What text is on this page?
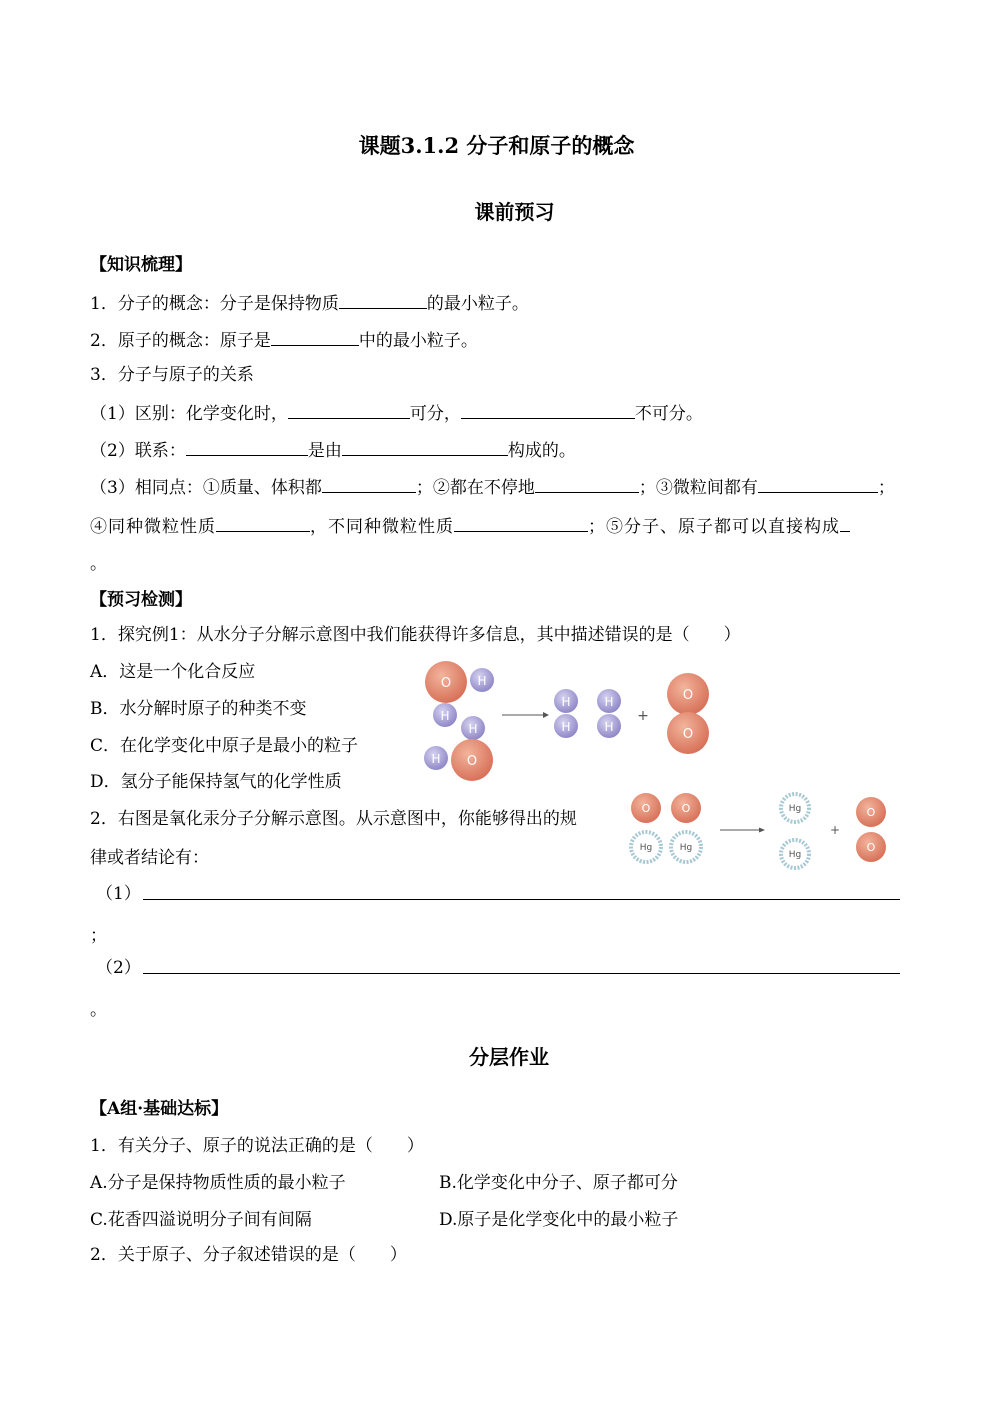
课题3.1.2 分子和原子的概念
课前预习
【知识梳理】
1．分子的概念：分子是保持物质	的最小粒子。
2．原子的概念：原子是	中的最小粒子。
3．分子与原子的关系
（1）区别：化学变化时，	可分，	不可分。
（2）联系：	是由	构成的。
（3）相同点：①质量、体积都	；②都在不停地	；③微粒间都有	；
④同种微粒性质	，不同种微粒性质	；⑤分子、原子都可以直接构成
。
【预习检测】
1．探究例1：从水分子分解示意图中我们能获得许多信息，其中描述错误的是（　　）
A．这是一个化合反应
B．水分解时原子的种类不变
C．在化学变化中原子是最小的粒子
D．氢分子能保持氢气的化学性质
O H
H
H
H O
H
H
H
H
+
O
O
2．右图是氧化汞分子分解示意图。从示意图中，你能够得出的规
律或者结论有：
O
Hg
O
Hg
Hg
Hg
+
O
O
（1）
；
（2）
。
分层作业
【A组·基础达标】
1．有关分子、原子的说法正确的是（　　）
A.分子是保持物质性质的最小粒子	B.化学变化中分子、原子都可分
C.花香四溢说明分子间有间隔	D.原子是化学变化中的最小粒子
2．关于原子、分子叙述错误的是（　　）
